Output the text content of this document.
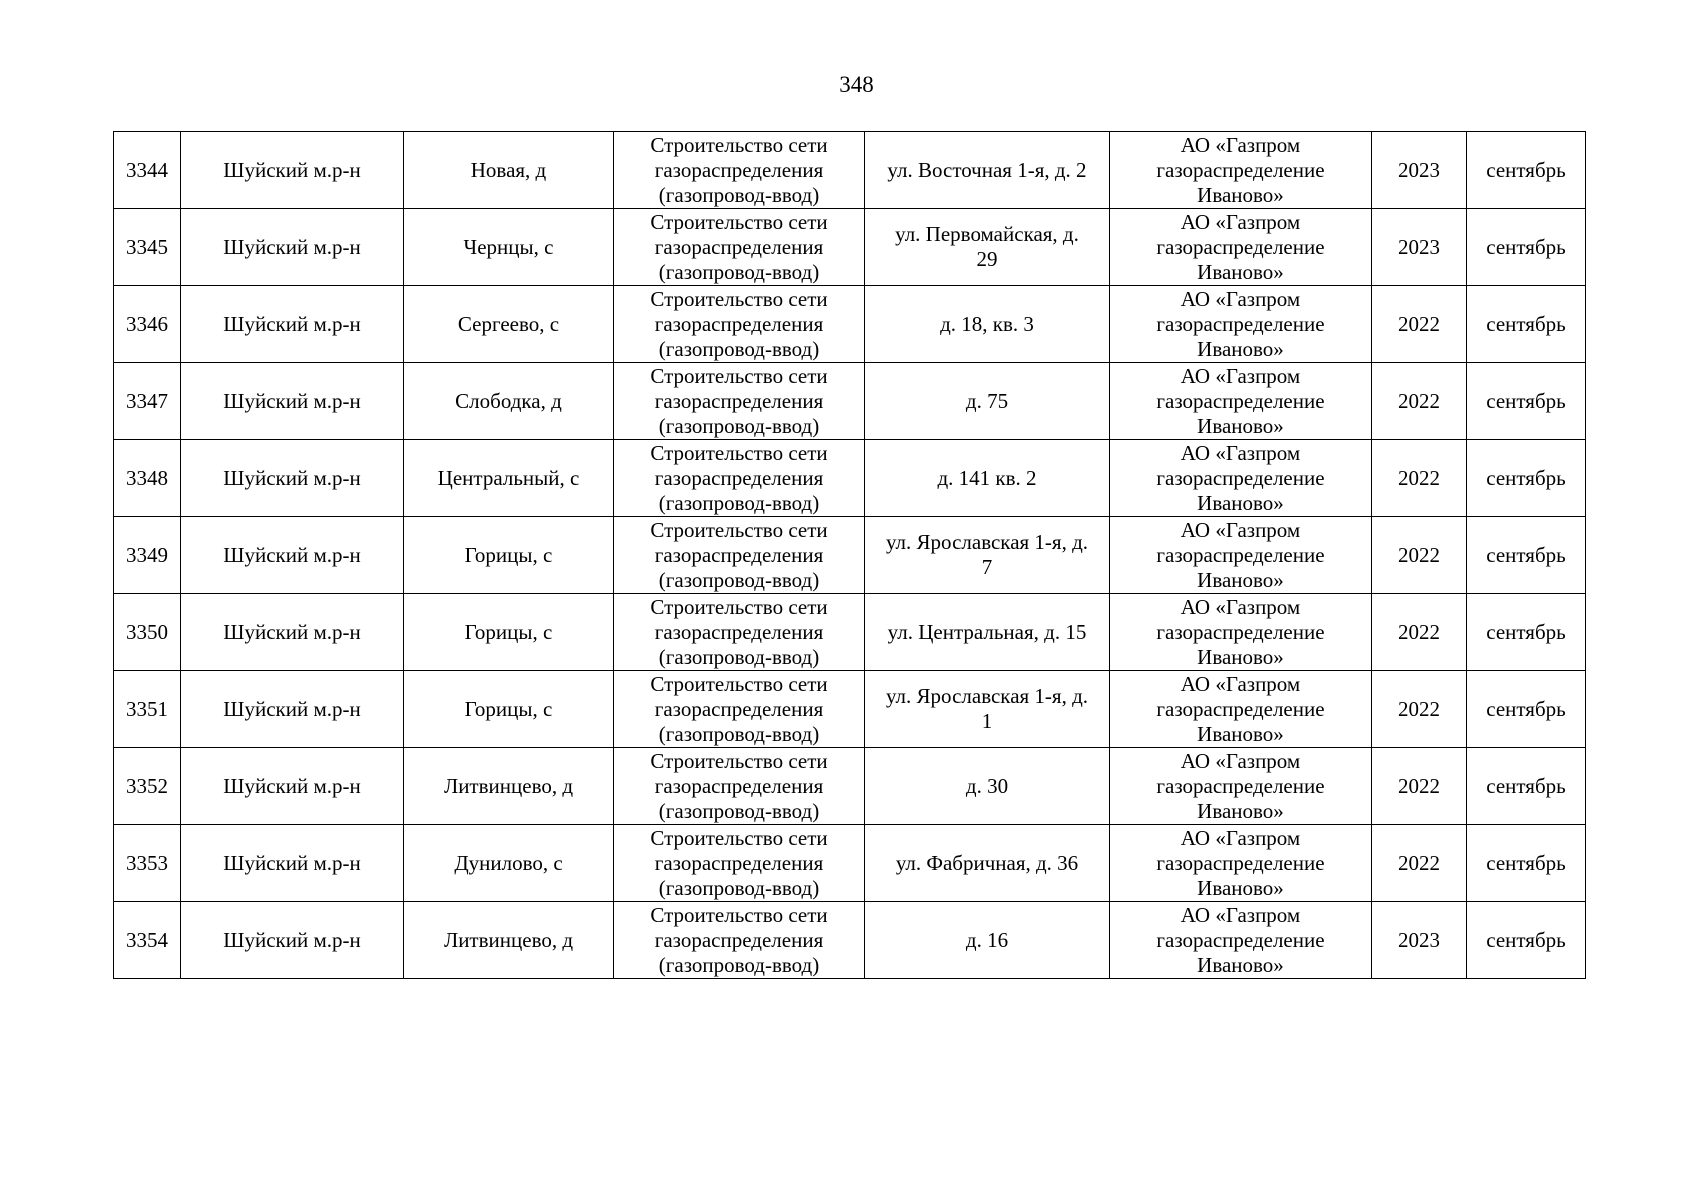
348
3344	Шуйский м.р-н	Новая, д	Строительство сети
газораспределения
(газопровод-ввод)	ул. Восточная 1-я, д. 2	АО «Газпром
газораспределение
Иваново»	2023	сентябрь
3345	Шуйский м.р-н	Чернцы, с	Строительство сети
газораспределения
(газопровод-ввод)	ул. Первомайская, д.
29	АО «Газпром
газораспределение
Иваново»	2023	сентябрь
3346	Шуйский м.р-н	Сергеево, с	Строительство сети
газораспределения
(газопровод-ввод)	д. 18, кв. 3	АО «Газпром
газораспределение
Иваново»	2022	сентябрь
3347	Шуйский м.р-н	Слободка, д	Строительство сети
газораспределения
(газопровод-ввод)	д. 75	АО «Газпром
газораспределение
Иваново»	2022	сентябрь
3348	Шуйский м.р-н	Центральный, с	Строительство сети
газораспределения
(газопровод-ввод)	д. 141 кв. 2	АО «Газпром
газораспределение
Иваново»	2022	сентябрь
3349	Шуйский м.р-н	Горицы, с	Строительство сети
газораспределения
(газопровод-ввод)	ул. Ярославская 1-я, д.
7	АО «Газпром
газораспределение
Иваново»	2022	сентябрь
3350	Шуйский м.р-н	Горицы, с	Строительство сети
газораспределения
(газопровод-ввод)	ул. Центральная, д. 15	АО «Газпром
газораспределение
Иваново»	2022	сентябрь
3351	Шуйский м.р-н	Горицы, с	Строительство сети
газораспределения
(газопровод-ввод)	ул. Ярославская 1-я, д.
1	АО «Газпром
газораспределение
Иваново»	2022	сентябрь
3352	Шуйский м.р-н	Литвинцево, д	Строительство сети
газораспределения
(газопровод-ввод)	д. 30	АО «Газпром
газораспределение
Иваново»	2022	сентябрь
3353	Шуйский м.р-н	Дунилово, с	Строительство сети
газораспределения
(газопровод-ввод)	ул. Фабричная, д. 36	АО «Газпром
газораспределение
Иваново»	2022	сентябрь
3354	Шуйский м.р-н	Литвинцево, д	Строительство сети
газораспределения
(газопровод-ввод)	д. 16	АО «Газпром
газораспределение
Иваново»	2023	сентябрь
